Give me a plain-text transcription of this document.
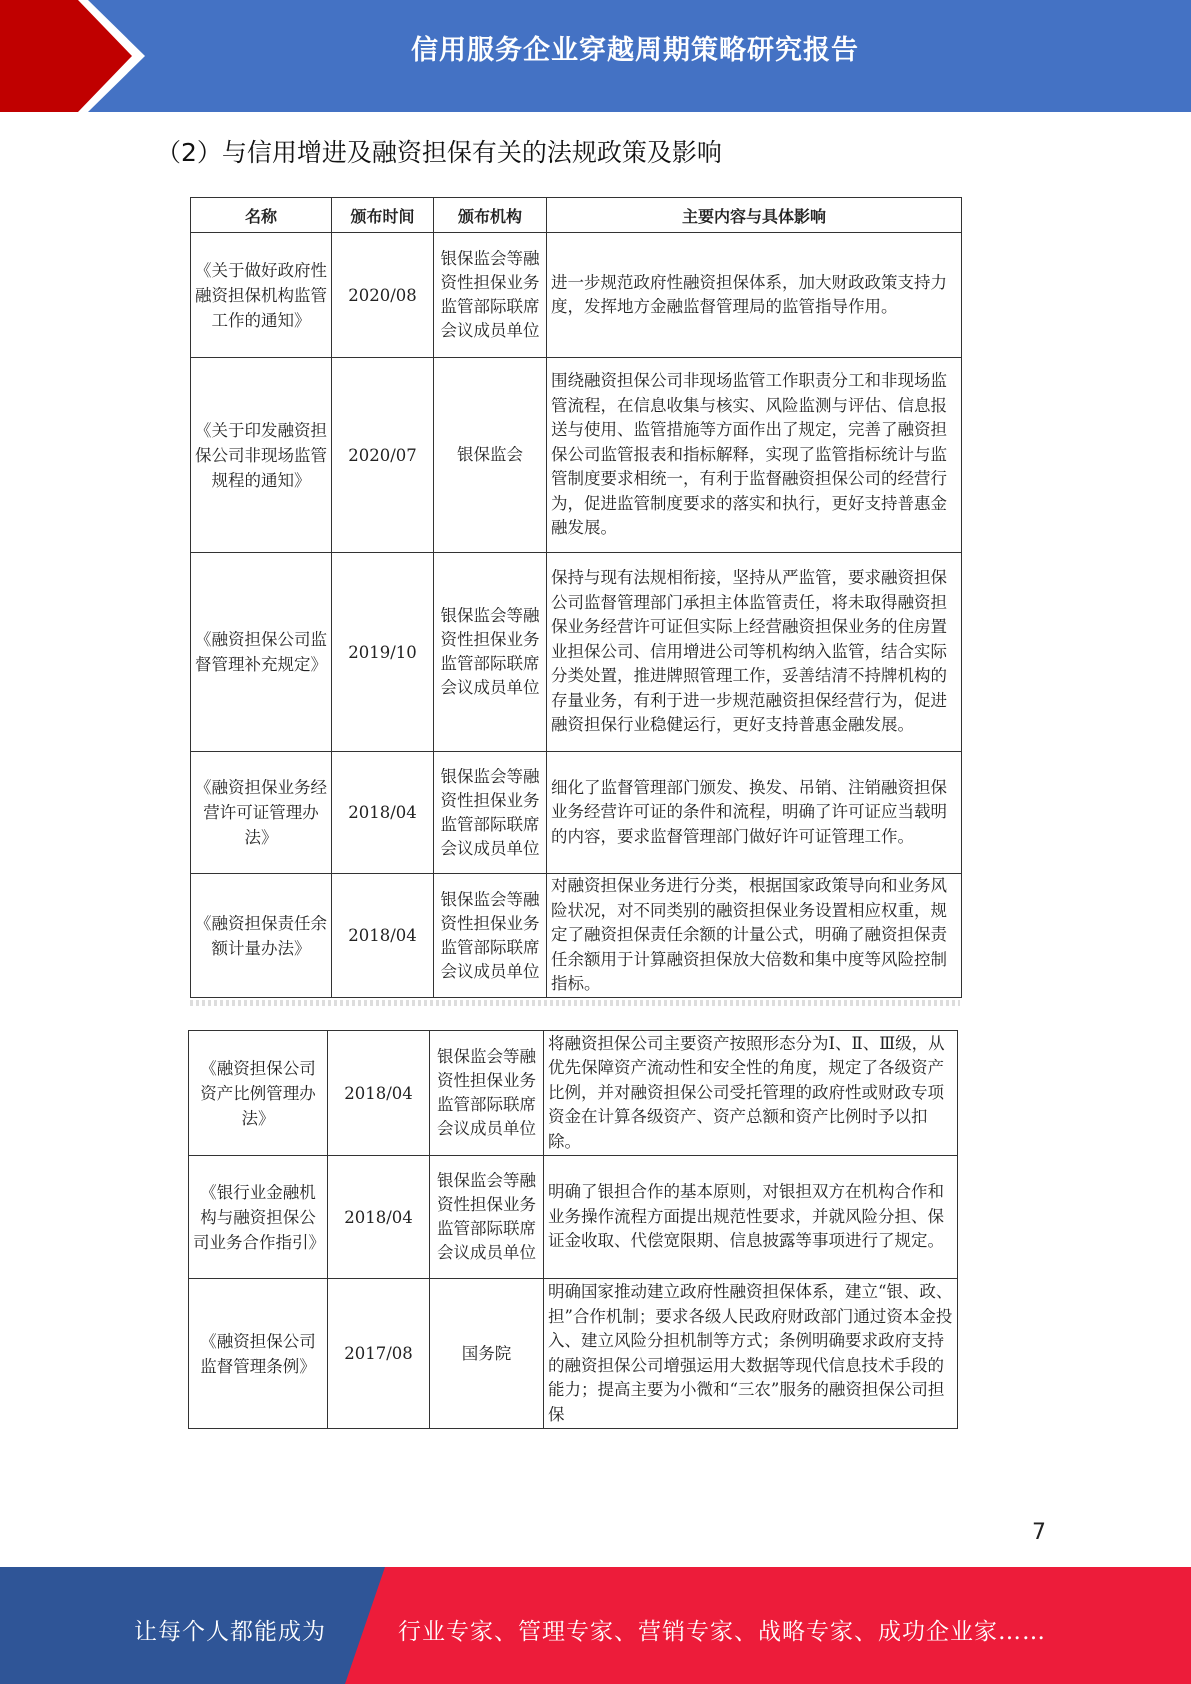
信用服务企业穿越周期策略研究报告
（2）与信用增进及融资担保有关的法规政策及影响
名称	颁布时间	颁布机构	主要内容与具体影响
《关于做好政府性融资担保机构监管工作的通知》	2020/08	银保监会等融资性担保业务监管部际联席会议成员单位	进一步规范政府性融资担保体系，加大财政政策支持力度，发挥地方金融监督管理局的监管指导作用。
《关于印发融资担保公司非现场监管规程的通知》	2020/07	银保监会	围绕融资担保公司非现场监管工作职责分工和非现场监管流程，在信息收集与核实、风险监测与评估、信息报送与使用、监管措施等方面作出了规定，完善了融资担保公司监管报表和指标解释，实现了监管指标统计与监管制度要求相统一，有利于监督融资担保公司的经营行为，促进监管制度要求的落实和执行，更好支持普惠金融发展。
《融资担保公司监督管理补充规定》	2019/10	银保监会等融资性担保业务监管部际联席会议成员单位	保持与现有法规相衔接，坚持从严监管，要求融资担保公司监督管理部门承担主体监管责任，将未取得融资担保业务经营许可证但实际上经营融资担保业务的住房置业担保公司、信用增进公司等机构纳入监管，结合实际分类处置，推进牌照管理工作，妥善结清不持牌机构的存量业务，有利于进一步规范融资担保经营行为，促进融资担保行业稳健运行，更好支持普惠金融发展。
《融资担保业务经营许可证管理办法》	2018/04	银保监会等融资性担保业务监管部际联席会议成员单位	细化了监督管理部门颁发、换发、吊销、注销融资担保业务经营许可证的条件和流程，明确了许可证应当载明的内容，要求监督管理部门做好许可证管理工作。
《融资担保责任余额计量办法》	2018/04	银保监会等融资性担保业务监管部际联席会议成员单位	对融资担保业务进行分类，根据国家政策导向和业务风险状况，对不同类别的融资担保业务设置相应权重，规定了融资担保责任余额的计量公式，明确了融资担保责任余额用于计算融资担保放大倍数和集中度等风险控制指标。
《融资担保公司资产比例管理办法》	2018/04	银保监会等融资性担保业务监管部际联席会议成员单位	将融资担保公司主要资产按照形态分为Ⅰ、Ⅱ、Ⅲ级，从优先保障资产流动性和安全性的角度，规定了各级资产比例，并对融资担保公司受托管理的政府性或财政专项资金在计算各级资产、资产总额和资产比例时予以扣除。
《银行业金融机构与融资担保公司业务合作指引》	2018/04	银保监会等融资性担保业务监管部际联席会议成员单位	明确了银担合作的基本原则，对银担双方在机构合作和业务操作流程方面提出规范性要求，并就风险分担、保证金收取、代偿宽限期、信息披露等事项进行了规定。
《融资担保公司监督管理条例》	2017/08	国务院	明确国家推动建立政府性融资担保体系，建立“银、政、担”合作机制；要求各级人民政府财政部门通过资本金投入、建立风险分担机制等方式；条例明确要求政府支持的融资担保公司增强运用大数据等现代信息技术手段的能力；提高主要为小微和“三农”服务的融资担保公司担保
7
让每个人都能成为	行业专家、管理专家、营销专家、战略专家、成功企业家……
